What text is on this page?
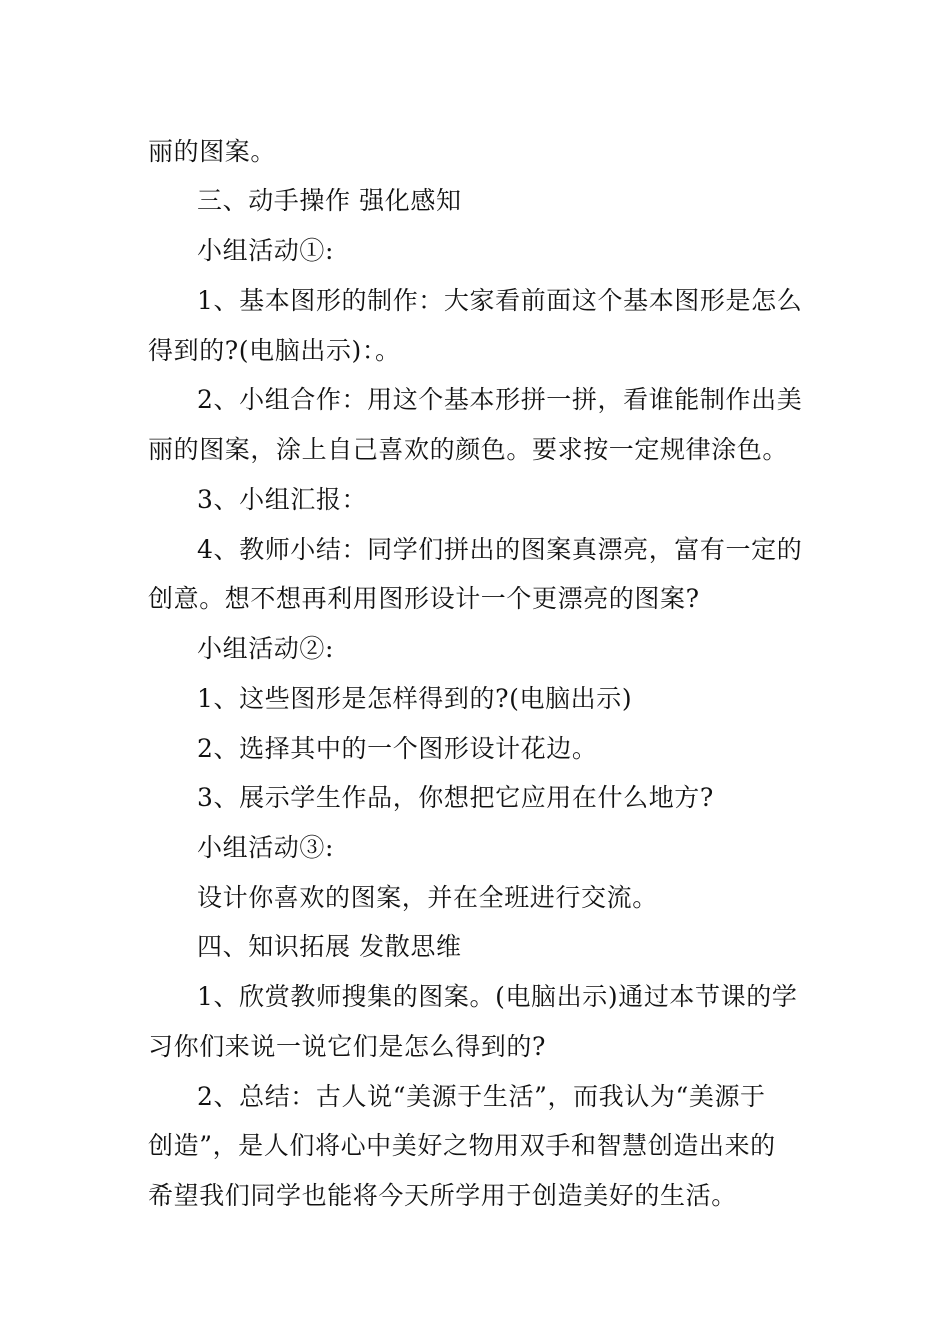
丽的图案。
三、动手操作 强化感知
小组活动①:
1、基本图形的制作：大家看前面这个基本图形是怎么
得到的?(电脑出示)：。
2、小组合作：用这个基本形拼一拼，看谁能制作出美
丽的图案，涂上自己喜欢的颜色。要求按一定规律涂色。
3、小组汇报：
4、教师小结：同学们拼出的图案真漂亮，富有一定的
创意。想不想再利用图形设计一个更漂亮的图案?
小组活动②:
1、这些图形是怎样得到的?(电脑出示)
2、选择其中的一个图形设计花边。
3、展示学生作品，你想把它应用在什么地方?
小组活动③:
设计你喜欢的图案，并在全班进行交流。
四、知识拓展 发散思维
1、欣赏教师搜集的图案。(电脑出示)通过本节课的学
习你们来说一说它们是怎么得到的?
2、总结：古人说“美源于生活”，而我认为“美源于
创造”，是人们将心中美好之物用双手和智慧创造出来的
希望我们同学也能将今天所学用于创造美好的生活。
